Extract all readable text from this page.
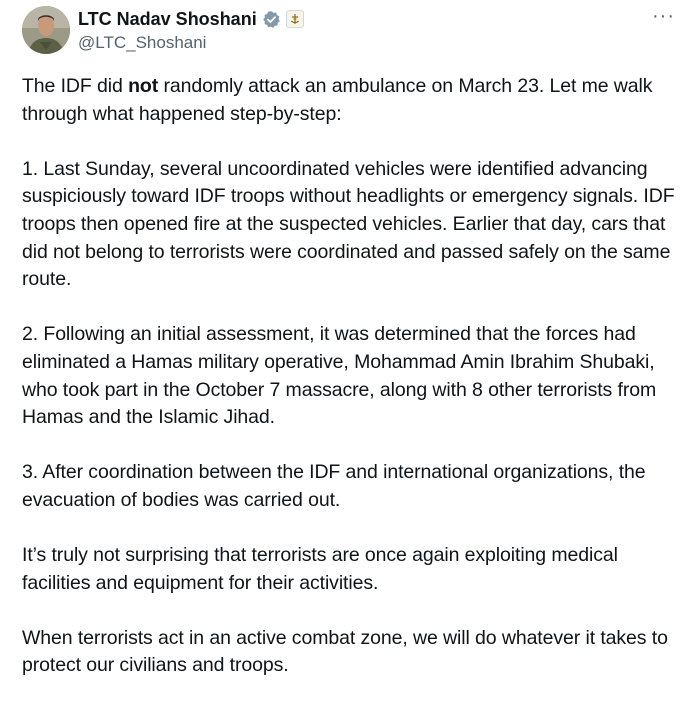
LTC Nadav Shoshani
@LTC_Shoshani
···

The IDF did not randomly attack an ambulance on March 23. Let me walk through what happened step-by-step:

1. Last Sunday, several uncoordinated vehicles were identified advancing suspiciously toward IDF troops without headlights or emergency signals. IDF troops then opened fire at the suspected vehicles. Earlier that day, cars that did not belong to terrorists were coordinated and passed safely on the same route.

2. Following an initial assessment, it was determined that the forces had eliminated a Hamas military operative, Mohammad Amin Ibrahim Shubaki, who took part in the October 7 massacre, along with 8 other terrorists from Hamas and the Islamic Jihad.

3. After coordination between the IDF and international organizations, the evacuation of bodies was carried out.

It’s truly not surprising that terrorists are once again exploiting medical facilities and equipment for their activities.

When terrorists act in an active combat zone, we will do whatever it takes to protect our civilians and troops.
